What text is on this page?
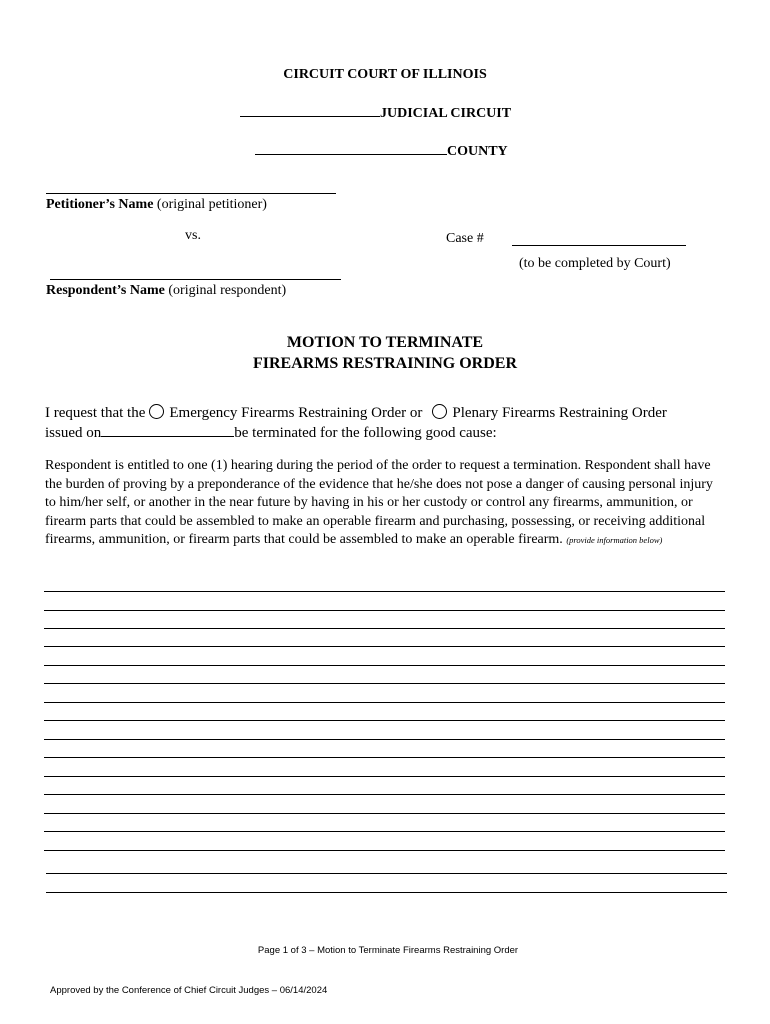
CIRCUIT COURT OF ILLINOIS
JUDICIAL CIRCUIT
COUNTY
Petitioner’s Name (original petitioner)
vs.	Case #
(to be completed by Court)
Respondent’s Name (original respondent)
MOTION TO TERMINATE
FIREARMS RESTRAINING ORDER
I request that the Emergency Firearms Restraining Order or Plenary Firearms Restraining Order
issued on	be terminated for the following good cause:
Respondent is entitled to one (1) hearing during the period of the order to request a termination. Respondent shall have the burden of proving by a preponderance of the evidence that he/she does not pose a danger of causing personal injury to him/her self, or another in the near future by having in his or her custody or control any firearms, ammunition, or firearm parts that could be assembled to make an operable firearm and purchasing, possessing, or receiving additional firearms, ammunition, or firearm parts that could be assembled to make an operable firearm. (provide information below)
Page 1 of 3 – Motion to Terminate Firearms Restraining Order
Approved by the Conference of Chief Circuit Judges – 06/14/2024
